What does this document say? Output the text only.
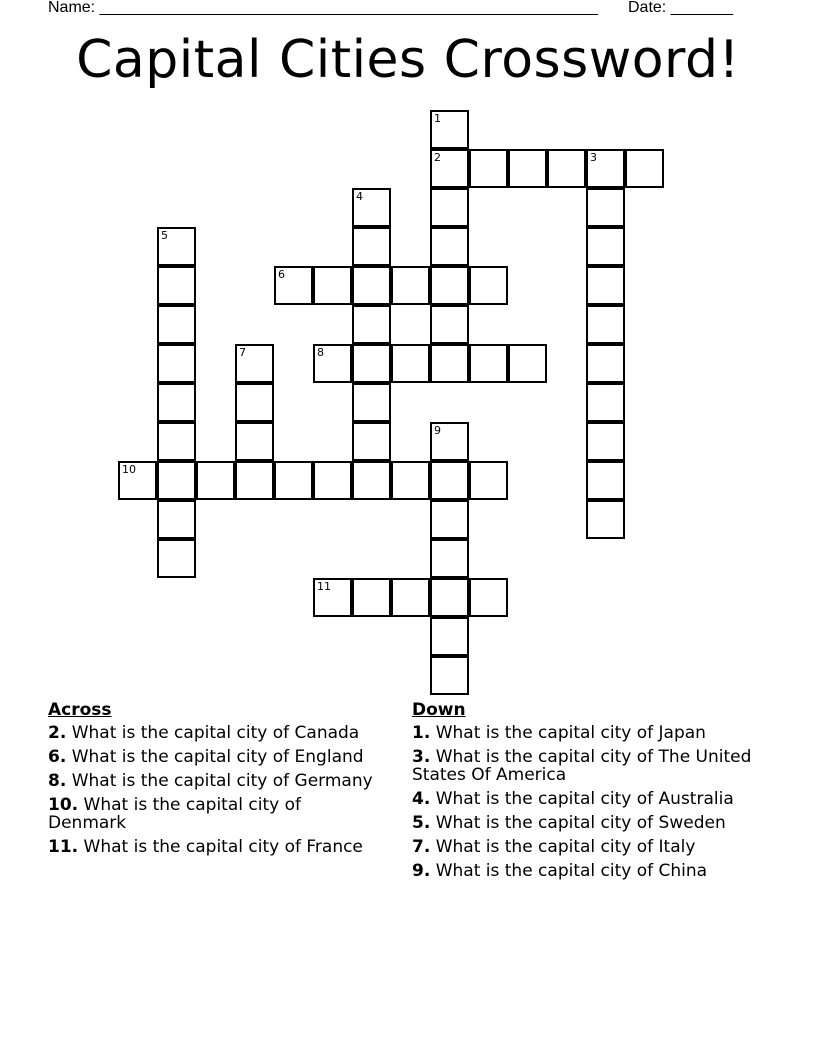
Name: ________________________________________________________ Date: _______
Capital Cities Crossword!
1
2	3
4
5
6
7	8
9
10
11
Across
2. What is the capital city of Canada
6. What is the capital city of England
8. What is the capital city of Germany
10. What is the capital city of Denmark
11. What is the capital city of France
Down
1. What is the capital city of Japan
3. What is the capital city of The United States Of America
4. What is the capital city of Australia
5. What is the capital city of Sweden
7. What is the capital city of Italy
9. What is the capital city of China
